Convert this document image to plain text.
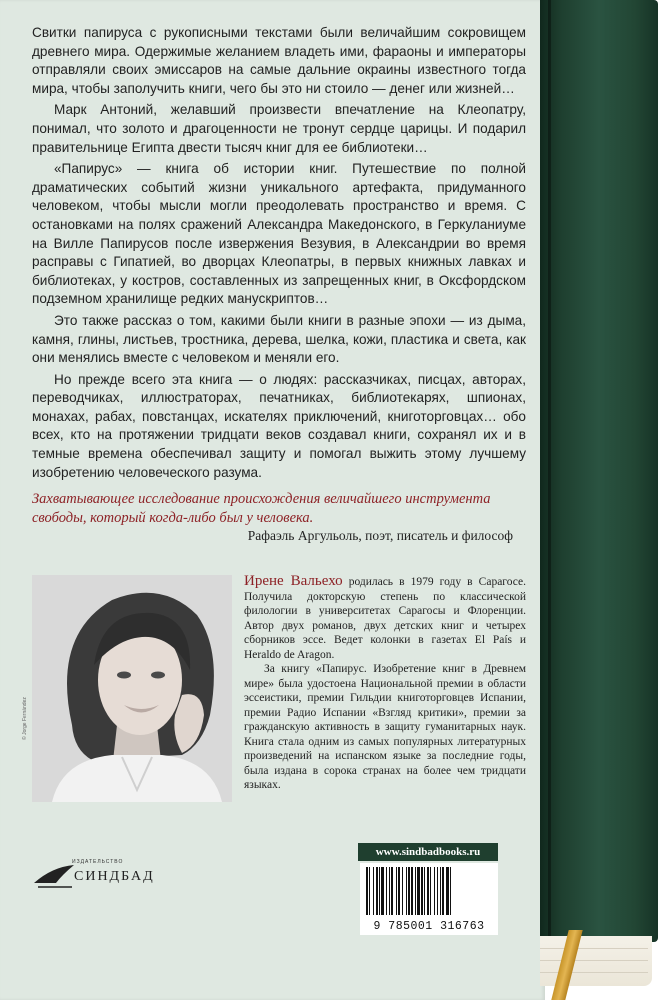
Свитки папируса с рукописными текстами были величайшим сокровищем древнего мира. Одержимые желанием владеть ими, фараоны и императоры отправляли своих эмиссаров на самые дальние окраины известного тогда мира, чтобы заполучить книги, чего бы это ни стоило — денег или жизней…

Марк Антоний, желавший произвести впечатление на Клеопатру, понимал, что золото и драгоценности не тронут сердце царицы. И подарил правительнице Египта двести тысяч книг для ее библиотеки…

«Папирус» — книга об истории книг. Путешествие по полной драматических событий жизни уникального артефакта, придуманного человеком, чтобы мысли могли преодолевать пространство и время. С остановками на полях сражений Александра Македонского, в Геркуланиуме на Вилле Папирусов после извержения Везувия, в Александрии во время расправы с Гипатией, во дворцах Клеопатры, в первых книжных лавках и библиотеках, у костров, составленных из запрещенных книг, в Оксфордском подземном хранилище редких манускриптов…

Это также рассказ о том, какими были книги в разные эпохи — из дыма, камня, глины, листьев, тростника, дерева, шелка, кожи, пластика и света, как они менялись вместе с человеком и меняли его.

Но прежде всего эта книга — о людях: рассказчиках, писцах, авторах, переводчиках, иллюстраторах, печатниках, библиотекарях, шпионах, монахах, рабах, повстанцах, искателях приключений, книготорговцах… обо всех, кто на протяжении тридцати веков создавал книги, сохранял их и в темные времена обеспечивал защиту и помогал выжить этому лучшему изобретению человеческого разума.

Захватывающее исследование происхождения величайшего инструмента свободы, который когда-либо был у человека.
Рафаэль Аргульоль, поэт, писатель и философ
© Jorge Fernández

Ирене Вальехо родилась в 1979 году в Сарагосе. Получила докторскую степень по классической филологии в университетах Сарагосы и Флоренции. Автор двух романов, двух детских книг и четырех сборников эссе. Ведет колонки в газетах El País и Heraldo de Aragon.

За книгу «Папирус. Изобретение книг в Древнем мире» была удостоена Национальной премии в области эссеистики, премии Гильдии книготорговцев Испании, премии Радио Испании «Взгляд критики», премии за гражданскую активность в защиту гуманитарных наук. Книга стала одним из самых популярных литературных произведений на испанском языке за последние годы, была издана в сорока странах на более чем тридцати языках.

ИЗДАТЕЛЬСТВО
СИНДБАД
www.sindbadbooks.ru
9 785001 316763
